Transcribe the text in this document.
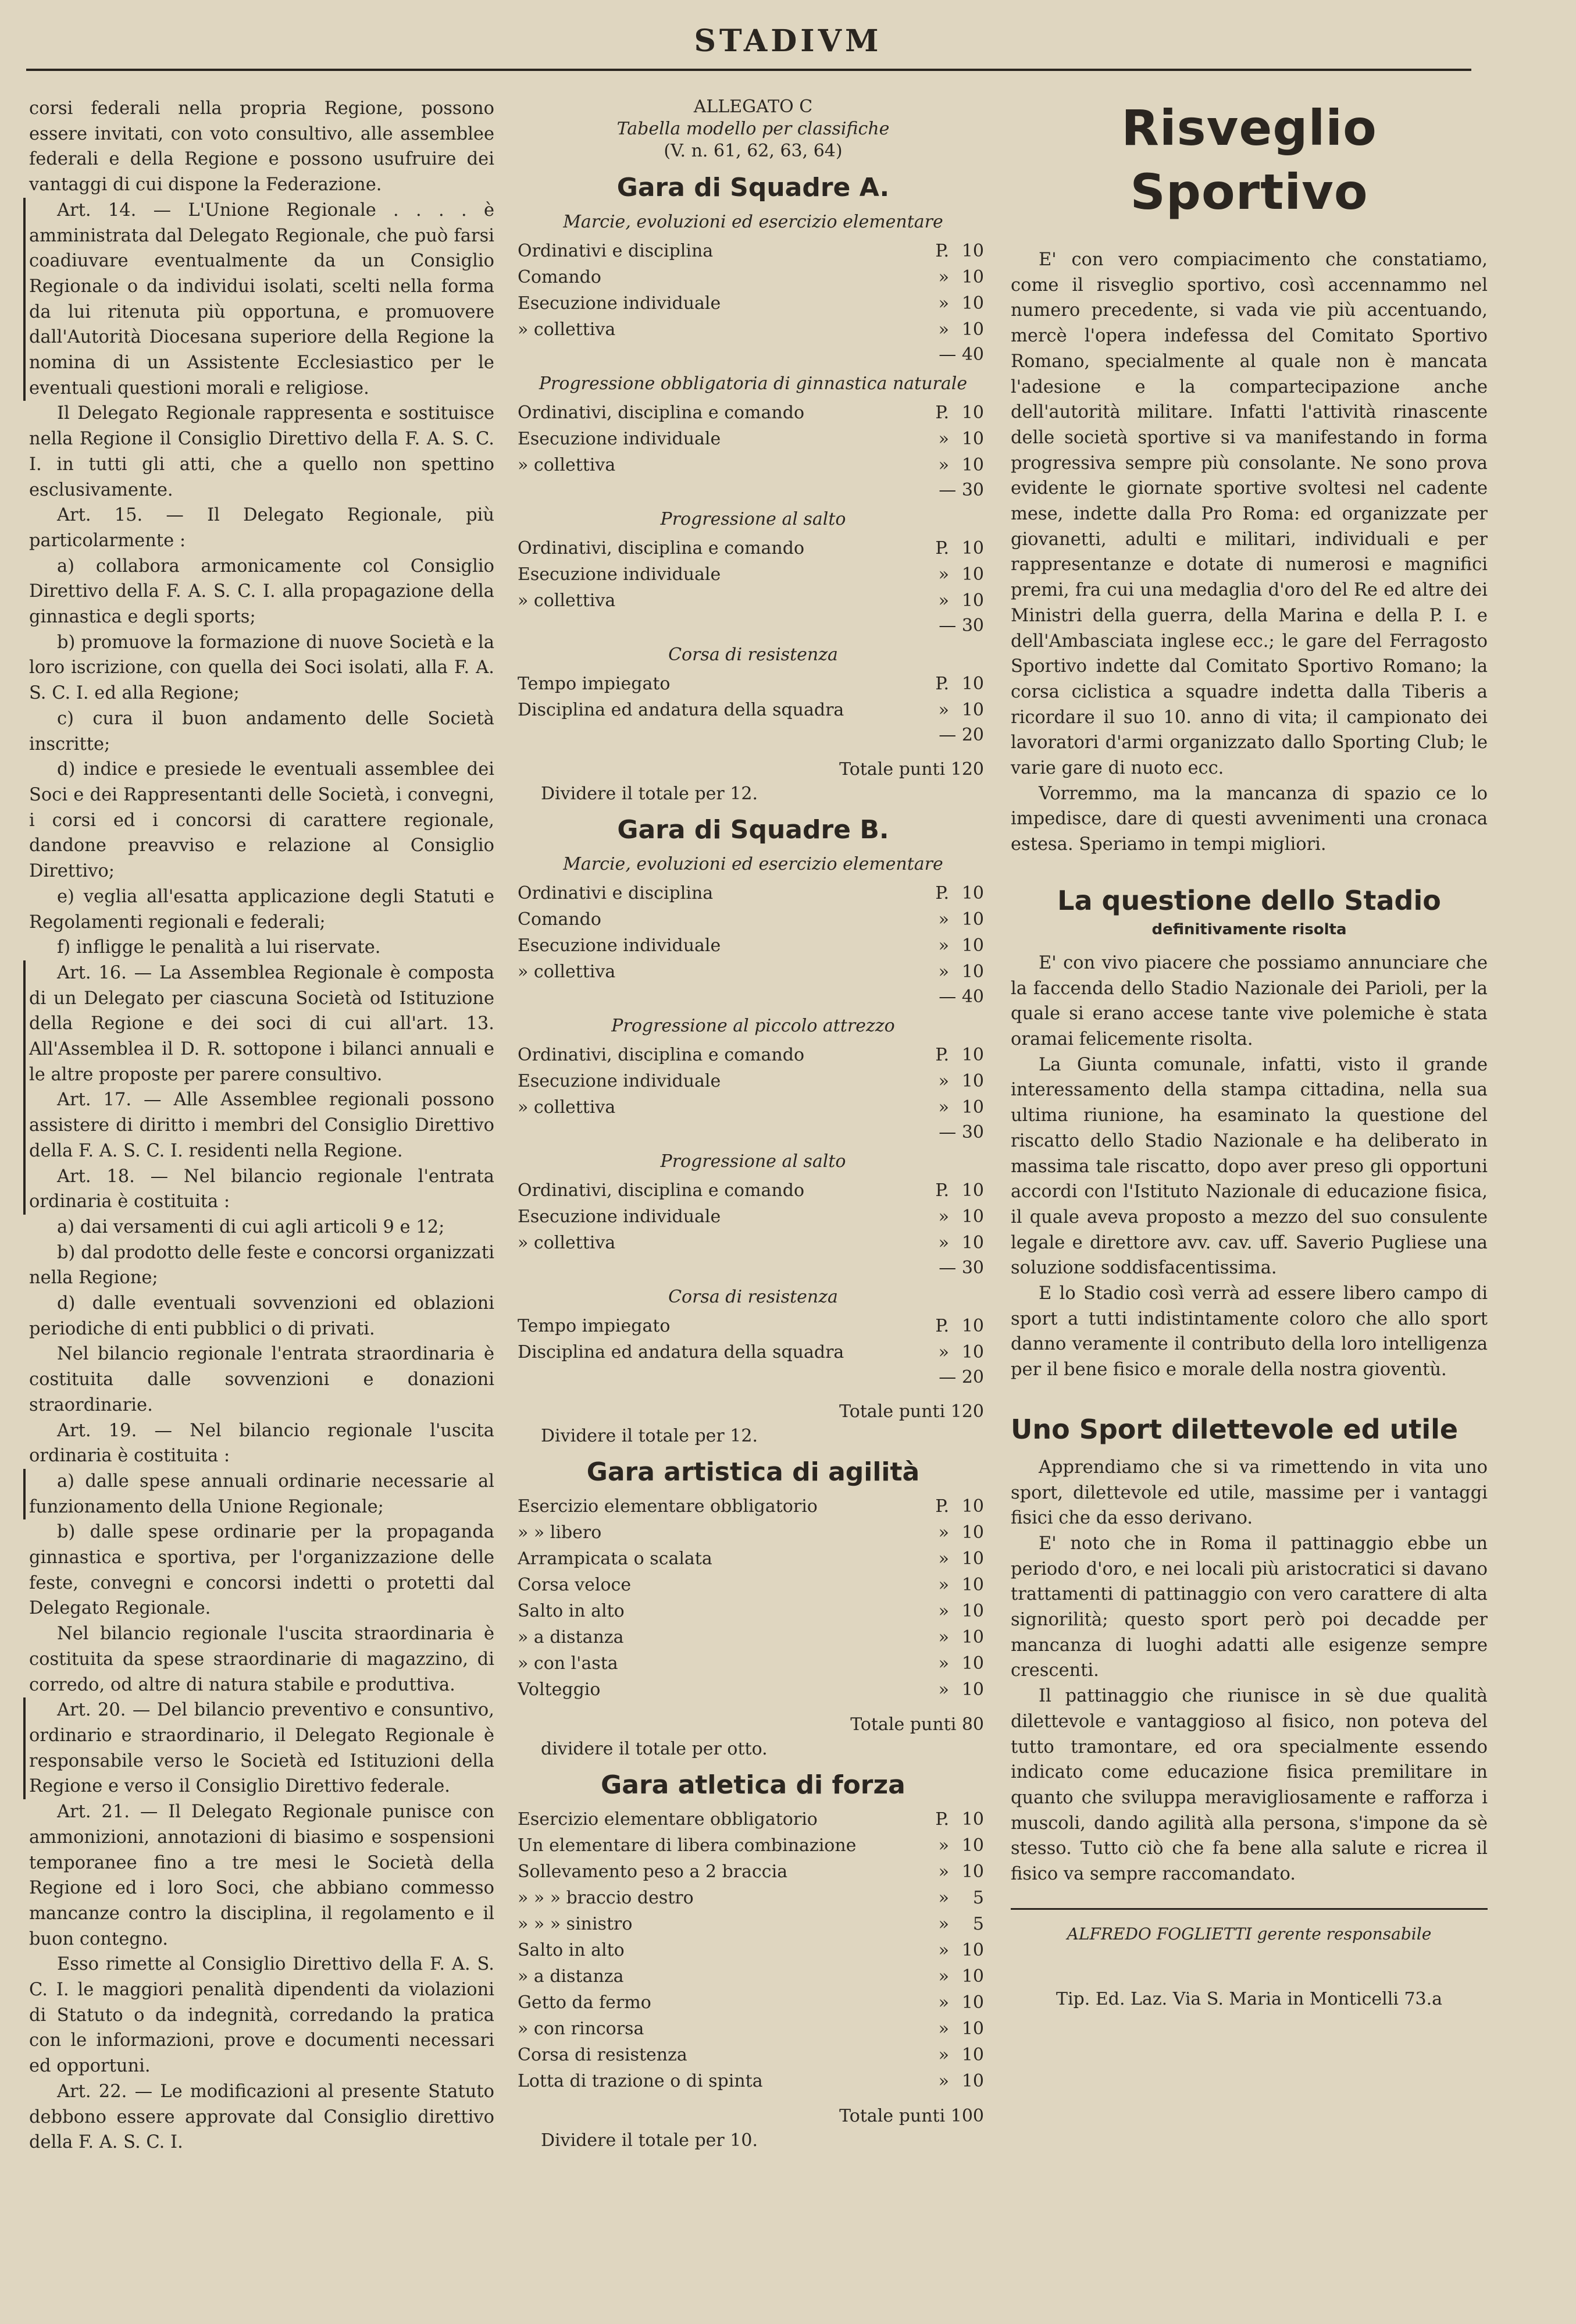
STADIVM

corsi federali nella propria Regione, possono essere invitati, con voto consultivo, alle assemblee federali e della Regione e possono usufruire dei vantaggi di cui dispone la Federazione.

Art. 14. — L'Unione Regionale . . . . è amministrata dal Delegato Regionale, che può farsi coadiuvare eventualmente da un Consiglio Regionale o da individui isolati, scelti nella forma da lui ritenuta più opportuna, e promuovere dall'Autorità Diocesana superiore della Regione la nomina di un Assistente Ecclesiastico per le eventuali questioni morali e religiose.

Il Delegato Regionale rappresenta e sostituisce nella Regione il Consiglio Direttivo della F. A. S. C. I. in tutti gli atti, che a quello non spettino esclusivamente.

Art. 15. — Il Delegato Regionale, più particolarmente :

a) collabora armonicamente col Consiglio Direttivo della F. A. S. C. I. alla propagazione della ginnastica e degli sports;

b) promuove la formazione di nuove Società e la loro iscrizione, con quella dei Soci isolati, alla F. A. S. C. I. ed alla Regione;

c) cura il buon andamento delle Società inscritte;

d) indice e presiede le eventuali assemblee dei Soci e dei Rappresentanti delle Società, i convegni, i corsi ed i concorsi di carattere regionale, dandone preavviso e relazione al Consiglio Direttivo;

e) veglia all'esatta applicazione degli Statuti e Regolamenti regionali e federali;

f) infligge le penalità a lui riservate.

Art. 16. — La Assemblea Regionale è composta di un Delegato per ciascuna Società od Istituzione della Regione e dei soci di cui all'art. 13. All'Assemblea il D. R. sottopone i bilanci annuali e le altre proposte per parere consultivo.

Art. 17. — Alle Assemblee regionali possono assistere di diritto i membri del Consiglio Direttivo della F. A. S. C. I. residenti nella Regione.

Art. 18. — Nel bilancio regionale l'entrata ordinaria è costituita :

a) dai versamenti di cui agli articoli 9 e 12;

b) dal prodotto delle feste e concorsi organizzati nella Regione;

d) dalle eventuali sovvenzioni ed oblazioni periodiche di enti pubblici o di privati.

Nel bilancio regionale l'entrata straordinaria è costituita dalle sovvenzioni e donazioni straordinarie.

Art. 19. — Nel bilancio regionale l'uscita ordinaria è costituita :

a) dalle spese annuali ordinarie necessarie al funzionamento della Unione Regionale;

b) dalle spese ordinarie per la propaganda ginnastica e sportiva, per l'organizzazione delle feste, convegni e concorsi indetti o protetti dal Delegato Regionale.

Nel bilancio regionale l'uscita straordinaria è costituita da spese straordinarie di magazzino, di corredo, od altre di natura stabile e produttiva.

Art. 20. — Del bilancio preventivo e consuntivo, ordinario e straordinario, il Delegato Regionale è responsabile verso le Società ed Istituzioni della Regione e verso il Consiglio Direttivo federale.

Art. 21. — Il Delegato Regionale punisce con ammonizioni, annotazioni di biasimo e sospensioni temporanee fino a tre mesi le Società della Regione ed i loro Soci, che abbiano commesso mancanze contro la disciplina, il regolamento e il buon contegno.

Esso rimette al Consiglio Direttivo della F. A. S. C. I. le maggiori penalità dipendenti da violazioni di Statuto o da indegnità, corredando la pratica con le informazioni, prove e documenti necessari ed opportuni.

Art. 22. — Le modificazioni al presente Statuto debbono essere approvate dal Consiglio direttivo della F. A. S. C. I.

ALLEGATO C
Tabella modello per classifiche
(V. n. 61, 62, 63, 64)
Gara di Squadre A.
Marcie, evoluzioni ed esercizio elementare
Ordinativi e disciplina	P. 10
Comando	» 10
Esecuzione individuale	» 10
» collettiva	» 10
— 40
Progressione obbligatoria di ginnastica naturale
Ordinativi, disciplina e comando	P. 10
Esecuzione individuale	» 10
» collettiva	» 10
— 30
Progressione al salto
Ordinativi, disciplina e comando	P. 10
Esecuzione individuale	» 10
» collettiva	» 10
— 30
Corsa di resistenza
Tempo impiegato	P. 10
Disciplina ed andatura della squadra	» 10
— 20
Totale punti 120
Dividere il totale per 12.
Gara di Squadre B.
Marcie, evoluzioni ed esercizio elementare
Ordinativi e disciplina	P. 10
Comando	» 10
Esecuzione individuale	» 10
» collettiva	» 10
— 40
Progressione al piccolo attrezzo
Ordinativi, disciplina e comando	P. 10
Esecuzione individuale	» 10
» collettiva	» 10
— 30
Progressione al salto
Ordinativi, disciplina e comando	P. 10
Esecuzione individuale	» 10
» collettiva	» 10
— 30
Corsa di resistenza
Tempo impiegato	P. 10
Disciplina ed andatura della squadra	» 10
— 20
Totale punti 120
Dividere il totale per 12.
Gara artistica di agilità
Esercizio elementare obbligatorio	P. 10
» » libero	» 10
Arrampicata o scalata	» 10
Corsa veloce	» 10
Salto in alto	» 10
» a distanza	» 10
» con l'asta	» 10
Volteggio	» 10
Totale punti 80
dividere il totale per otto.
Gara atletica di forza
Esercizio elementare obbligatorio	P. 10
Un elementare di libera combinazione	» 10
Sollevamento peso a 2 braccia	» 10
» » » braccio destro	»	5
» » » sinistro	»	5
Salto in alto	» 10
» a distanza	» 10
Getto da fermo	» 10
» con rincorsa	» 10
Corsa di resistenza	» 10
Lotta di trazione o di spinta	» 10
Totale punti 100
Dividere il totale per 10.
Risveglio Sportivo

E' con vero compiacimento che constatiamo, come il risveglio sportivo, così accennammo nel numero precedente, si vada vie più accentuando, mercè l'opera indefessa del Comitato Sportivo Romano, specialmente al quale non è mancata l'adesione e la compartecipazione anche dell'autorità militare. Infatti l'attività rinascente delle società sportive si va manifestando in forma progressiva sempre più consolante. Ne sono prova evidente le giornate sportive svoltesi nel cadente mese, indette dalla Pro Roma: ed organizzate per giovanetti, adulti e militari, individuali e per rappresentanze e dotate di numerosi e magnifici premi, fra cui una medaglia d'oro del Re ed altre dei Ministri della guerra, della Marina e della P. I. e dell'Ambasciata inglese ecc.; le gare del Ferragosto Sportivo indette dal Comitato Sportivo Romano; la corsa ciclistica a squadre indetta dalla Tiberis a ricordare il suo 10. anno di vita; il campionato dei lavoratori d'armi organizzato dallo Sporting Club; le varie gare di nuoto ecc.

Vorremmo, ma la mancanza di spazio ce lo impedisce, dare di questi avvenimenti una cronaca estesa. Speriamo in tempi migliori.

La questione dello Stadio
definitivamente risolta

E' con vivo piacere che possiamo annunciare che la faccenda dello Stadio Nazionale dei Parioli, per la quale si erano accese tante vive polemiche è stata oramai felicemente risolta.

La Giunta comunale, infatti, visto il grande interessamento della stampa cittadina, nella sua ultima riunione, ha esaminato la questione del riscatto dello Stadio Nazionale e ha deliberato in massima tale riscatto, dopo aver preso gli opportuni accordi con l'Istituto Nazionale di educazione fisica, il quale aveva proposto a mezzo del suo consulente legale e direttore avv. cav. uff. Saverio Pugliese una soluzione soddisfacentissima.

E lo Stadio così verrà ad essere libero campo di sport a tutti indistintamente coloro che allo sport danno veramente il contributo della loro intelligenza per il bene fisico e morale della nostra gioventù.

Uno Sport dilettevole ed utile

Apprendiamo che si va rimettendo in vita uno sport, dilettevole ed utile, massime per i vantaggi fisici che da esso derivano.

E' noto che in Roma il pattinaggio ebbe un periodo d'oro, e nei locali più aristocratici si davano trattamenti di pattinaggio con vero carattere di alta signorilità; questo sport però poi decadde per mancanza di luoghi adatti alle esigenze sempre crescenti.

Il pattinaggio che riunisce in sè due qualità dilettevole e vantaggioso al fisico, non poteva del tutto tramontare, ed ora specialmente essendo indicato come educazione fisica premilitare in quanto che sviluppa meravigliosamente e rafforza i muscoli, dando agilità alla persona, s'impone da sè stesso. Tutto ciò che fa bene alla salute e ricrea il fisico va sempre raccomandato.

ALFREDO FOGLIETTI gerente responsabile
Tip. Ed. Laz. Via S. Maria in Monticelli 73.a
